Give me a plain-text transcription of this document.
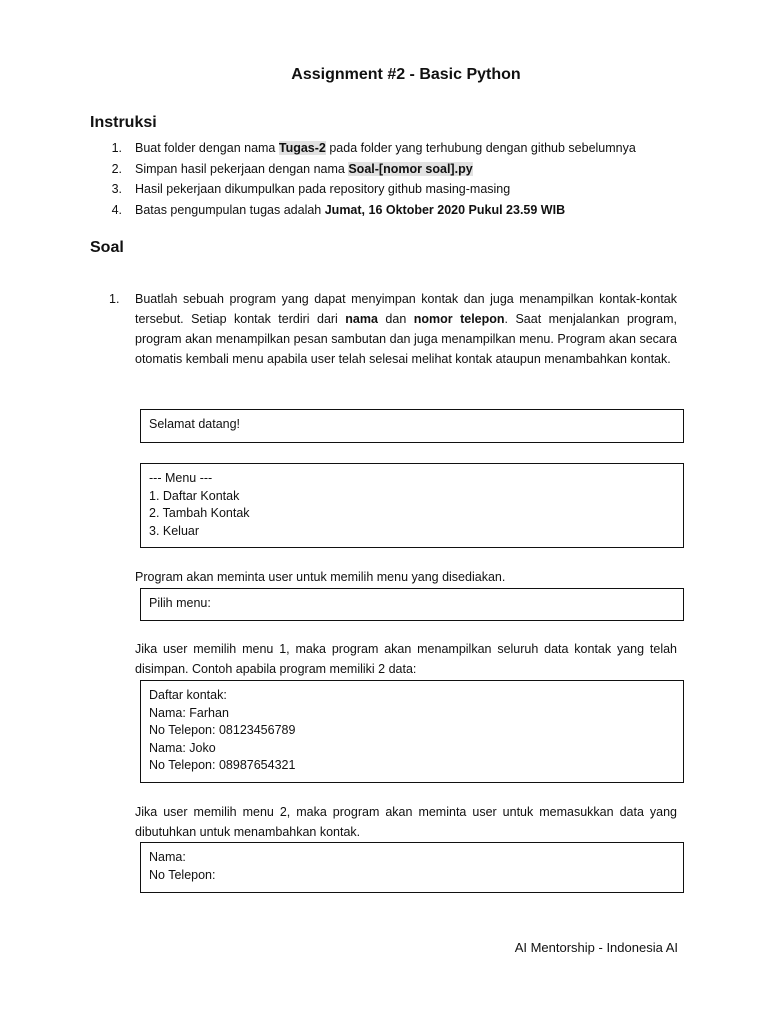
Assignment #2 - Basic Python
Instruksi
1.	Buat folder dengan nama Tugas-2 pada folder yang terhubung dengan github sebelumnya
2.	Simpan hasil pekerjaan dengan nama Soal-[nomor soal].py
3.	Hasil pekerjaan dikumpulkan pada repository github masing-masing
4.	Batas pengumpulan tugas adalah Jumat, 16 Oktober 2020 Pukul 23.59 WIB
Soal
1. Buatlah sebuah program yang dapat menyimpan kontak dan juga menampilkan kontak-kontak tersebut. Setiap kontak terdiri dari nama dan nomor telepon. Saat menjalankan program, program akan menampilkan pesan sambutan dan juga menampilkan menu. Program akan secara otomatis kembali menu apabila user telah selesai melihat kontak ataupun menambahkan kontak.
Selamat datang!
--- Menu ---
1. Daftar Kontak
2. Tambah Kontak
3. Keluar
Program akan meminta user untuk memilih menu yang disediakan.
Pilih menu:
Jika user memilih menu 1, maka program akan menampilkan seluruh data kontak yang telah disimpan. Contoh apabila program memiliki 2 data:
Daftar kontak:
Nama: Farhan
No Telepon: 08123456789
Nama: Joko
No Telepon: 08987654321
Jika user memilih menu 2, maka program akan meminta user untuk memasukkan data yang dibutuhkan untuk menambahkan kontak.
Nama:
No Telepon:
AI Mentorship - Indonesia AI
